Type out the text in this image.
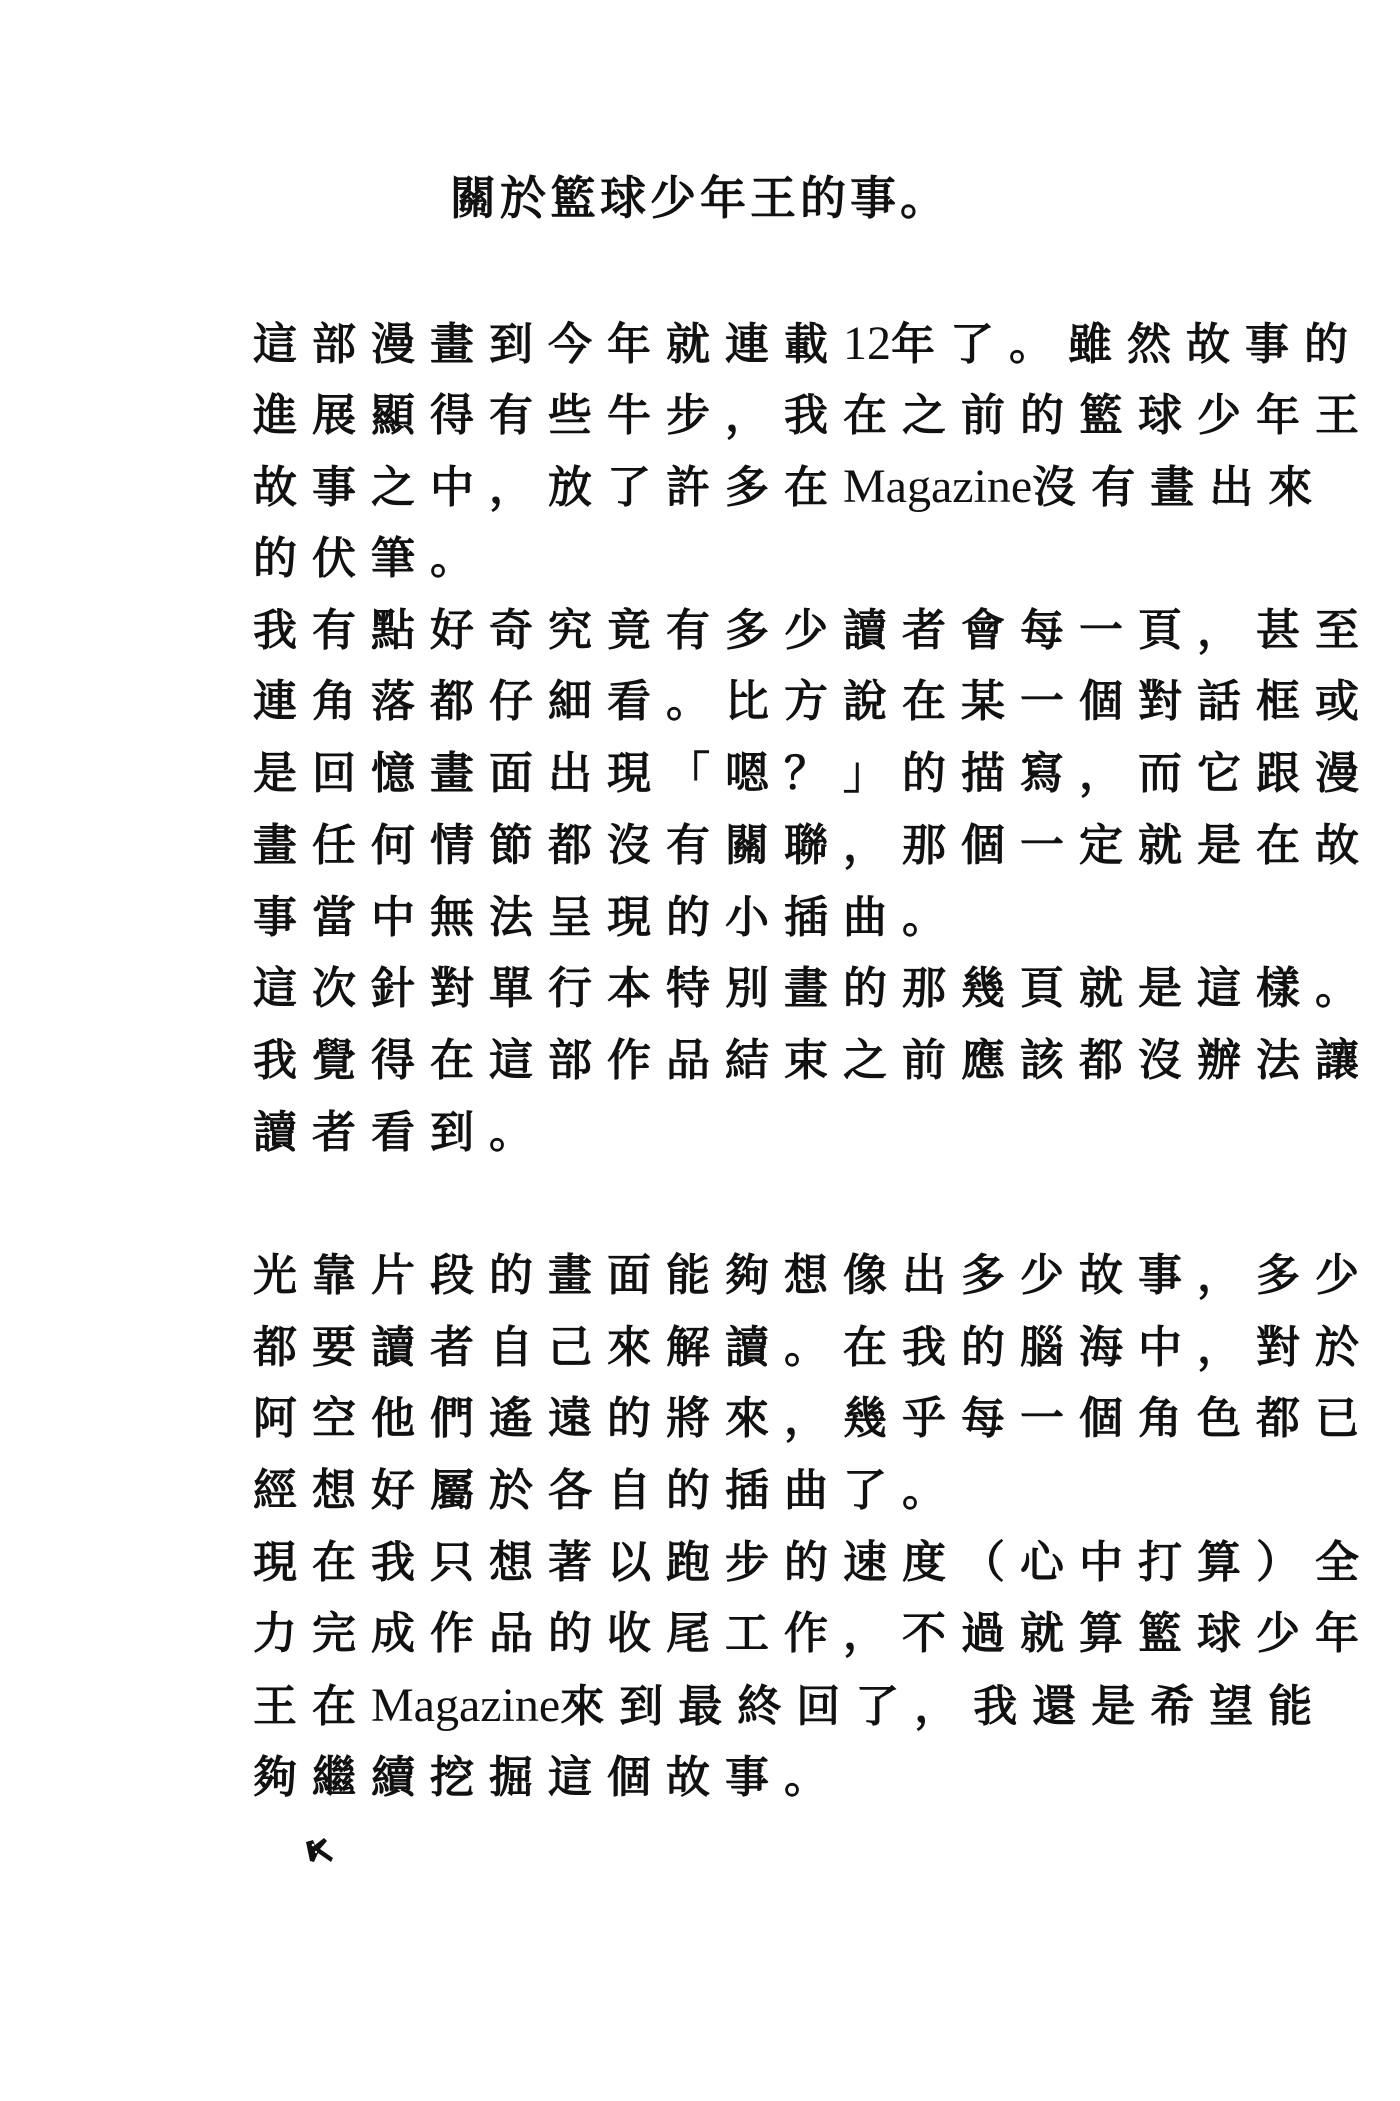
關於籃球少年王的事。
這部漫畫到今年就連載12年了。雖然故事的
進展顯得有些牛步，我在之前的籃球少年王
故事之中，放了許多在Magazine沒有畫出來
的伏筆。
我有點好奇究竟有多少讀者會每一頁，甚至
連角落都仔細看。比方說在某一個對話框或
是回憶畫面出現「嗯？」的描寫，而它跟漫
畫任何情節都沒有關聯，那個一定就是在故
事當中無法呈現的小插曲。
這次針對單行本特別畫的那幾頁就是這樣。
我覺得在這部作品結束之前應該都沒辦法讓
讀者看到。
光靠片段的畫面能夠想像出多少故事，多少
都要讀者自己來解讀。在我的腦海中，對於
阿空他們遙遠的將來，幾乎每一個角色都已
經想好屬於各自的插曲了。
現在我只想著以跑步的速度（心中打算）全
力完成作品的收尾工作，不過就算籃球少年
王在Magazine來到最終回了，我還是希望能
夠繼續挖掘這個故事。
